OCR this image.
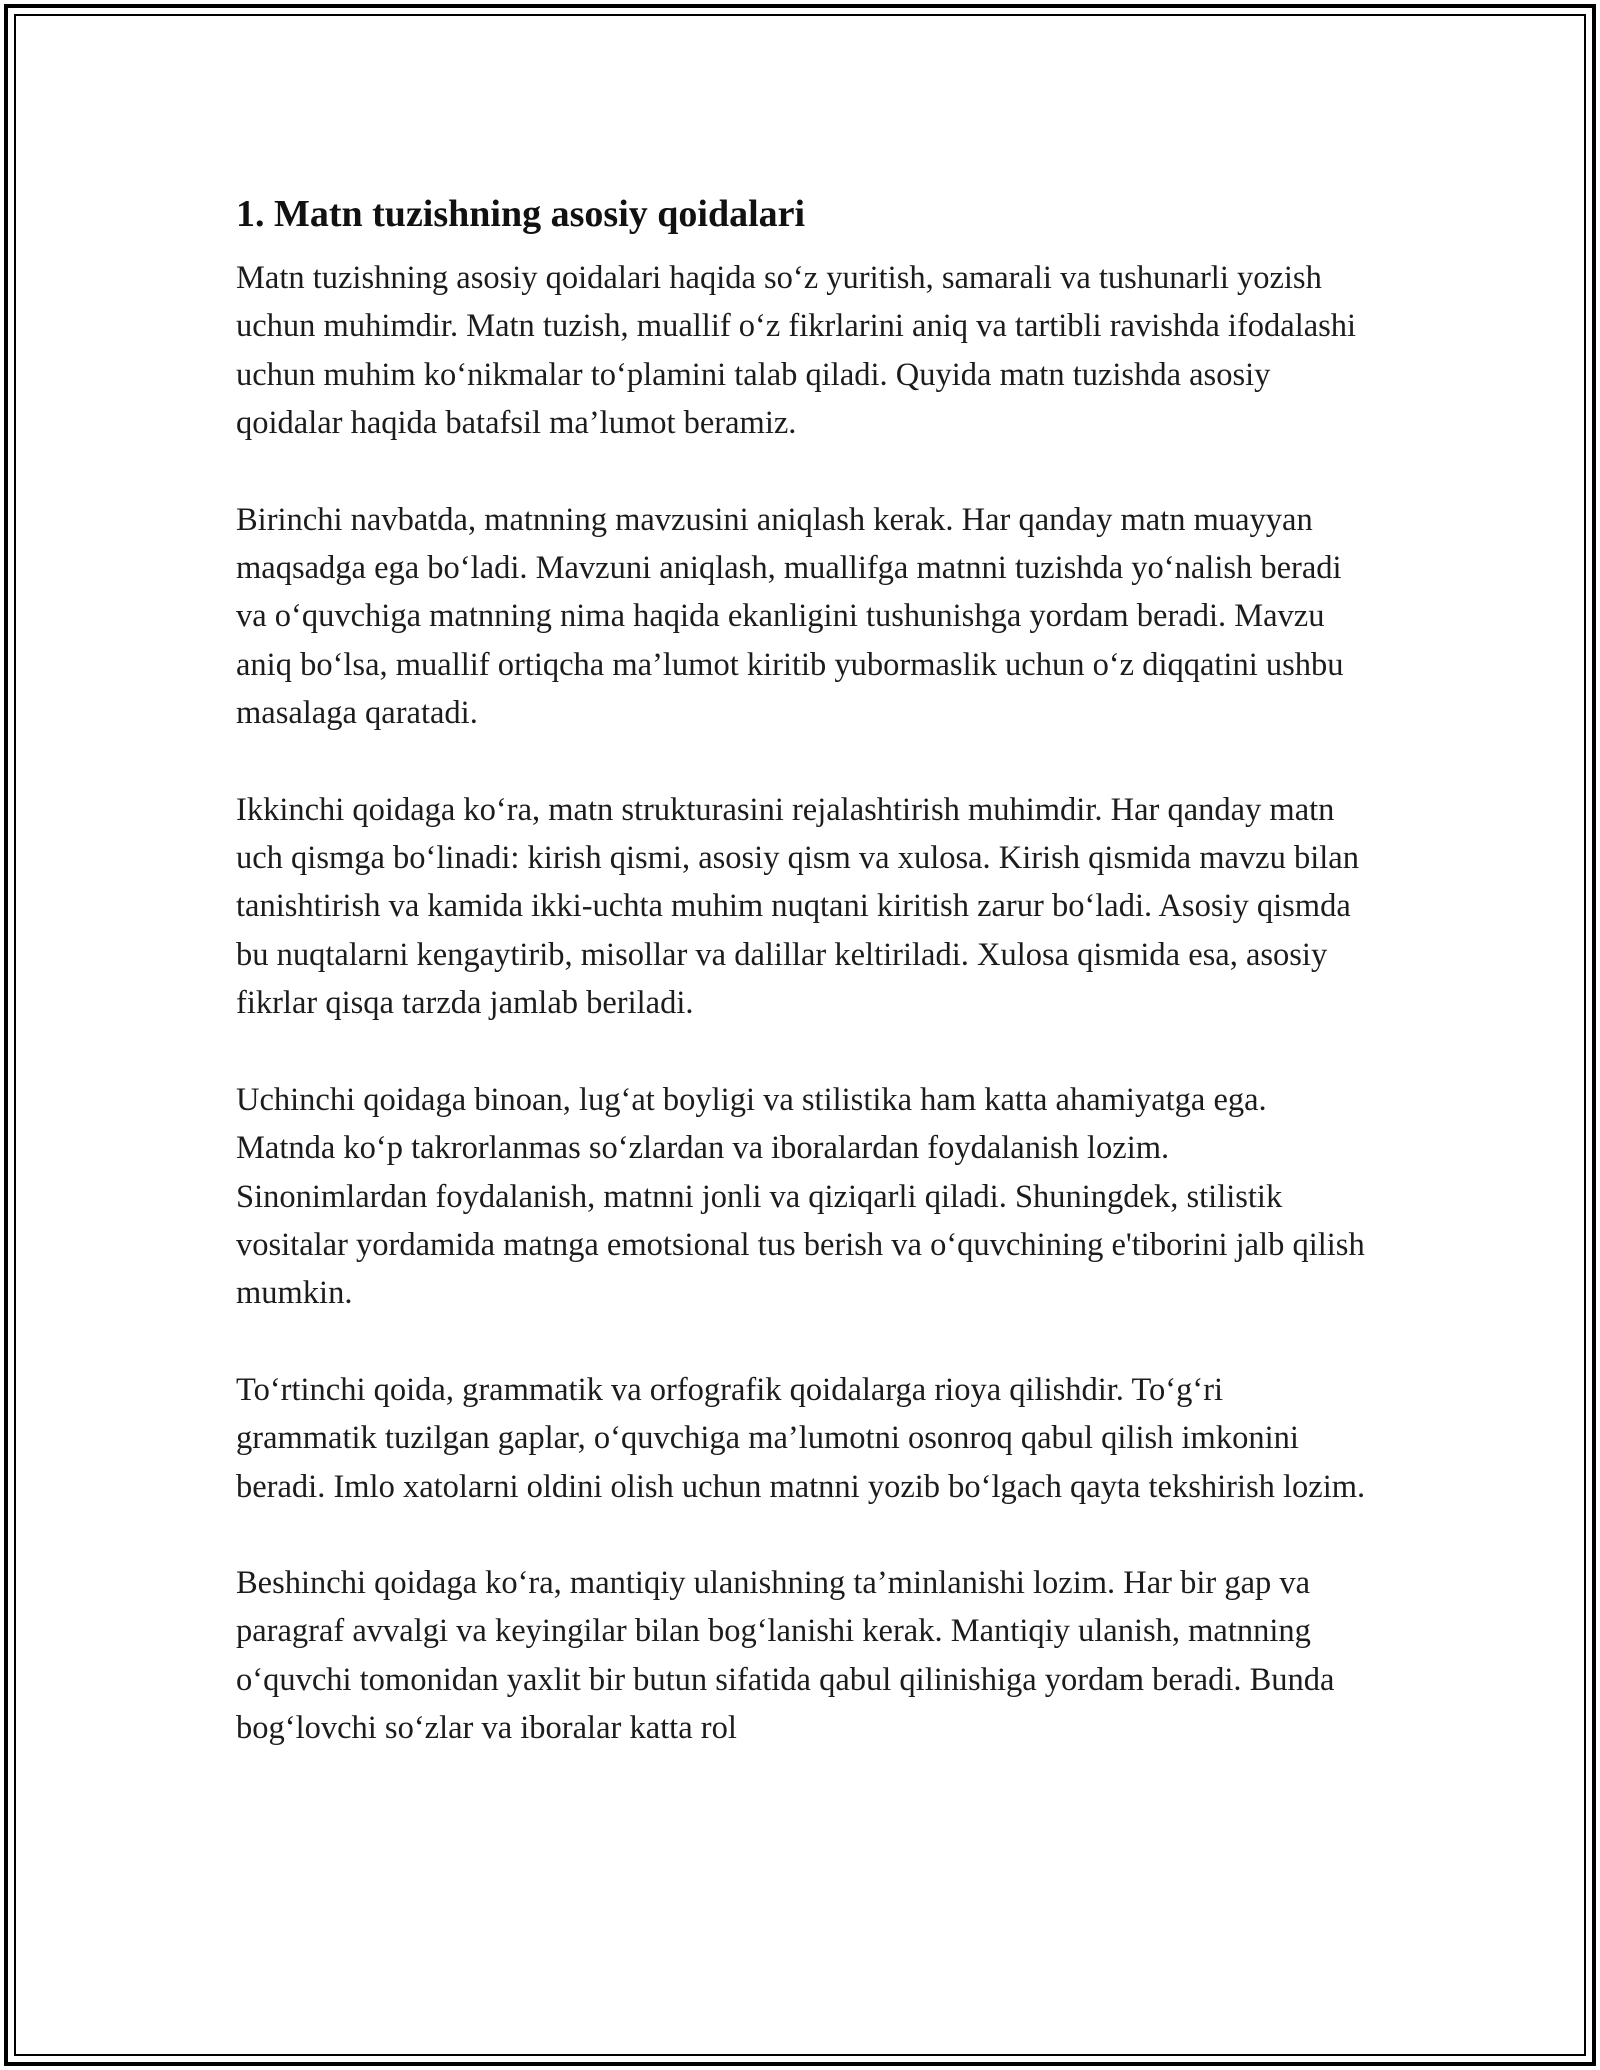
1. Matn tuzishning asosiy qoidalari

Matn tuzishning asosiy qoidalari haqida so‘z yuritish, samarali va tushunarli yozish uchun muhimdir. Matn tuzish, muallif o‘z fikrlarini aniq va tartibli ravishda ifodalashi uchun muhim ko‘nikmalar to‘plamini talab qiladi. Quyida matn tuzishda asosiy qoidalar haqida batafsil ma’lumot beramiz.

Birinchi navbatda, matnning mavzusini aniqlash kerak. Har qanday matn muayyan maqsadga ega bo‘ladi. Mavzuni aniqlash, muallifga matnni tuzishda yo‘nalish beradi va o‘quvchiga matnning nima haqida ekanligini tushunishga yordam beradi. Mavzu aniq bo‘lsa, muallif ortiqcha ma’lumot kiritib yubormaslik uchun o‘z diqqatini ushbu masalaga qaratadi.

Ikkinchi qoidaga ko‘ra, matn strukturasini rejalashtirish muhimdir. Har qanday matn uch qismga bo‘linadi: kirish qismi, asosiy qism va xulosa. Kirish qismida mavzu bilan tanishtirish va kamida ikki-uchta muhim nuqtani kiritish zarur bo‘ladi. Asosiy qismda bu nuqtalarni kengaytirib, misollar va dalillar keltiriladi. Xulosa qismida esa, asosiy fikrlar qisqa tarzda jamlab beriladi.

Uchinchi qoidaga binoan, lug‘at boyligi va stilistika ham katta ahamiyatga ega. Matnda ko‘p takrorlanmas so‘zlardan va iboralardan foydalanish lozim. Sinonimlardan foydalanish, matnni jonli va qiziqarli qiladi. Shuningdek, stilistik vositalar yordamida matnga emotsional tus berish va o‘quvchining e'tiborini jalb qilish mumkin.

To‘rtinchi qoida, grammatik va orfografik qoidalarga rioya qilishdir. To‘g‘ri grammatik tuzilgan gaplar, o‘quvchiga ma’lumotni osonroq qabul qilish imkonini beradi. Imlo xatolarni oldini olish uchun matnni yozib bo‘lgach qayta tekshirish lozim.

Beshinchi qoidaga ko‘ra, mantiqiy ulanishning ta’minlanishi lozim. Har bir gap va paragraf avvalgi va keyingilar bilan bog‘lanishi kerak. Mantiqiy ulanish, matnning o‘quvchi tomonidan yaxlit bir butun sifatida qabul qilinishiga yordam beradi. Bunda bog‘lovchi so‘zlar va iboralar katta rol
